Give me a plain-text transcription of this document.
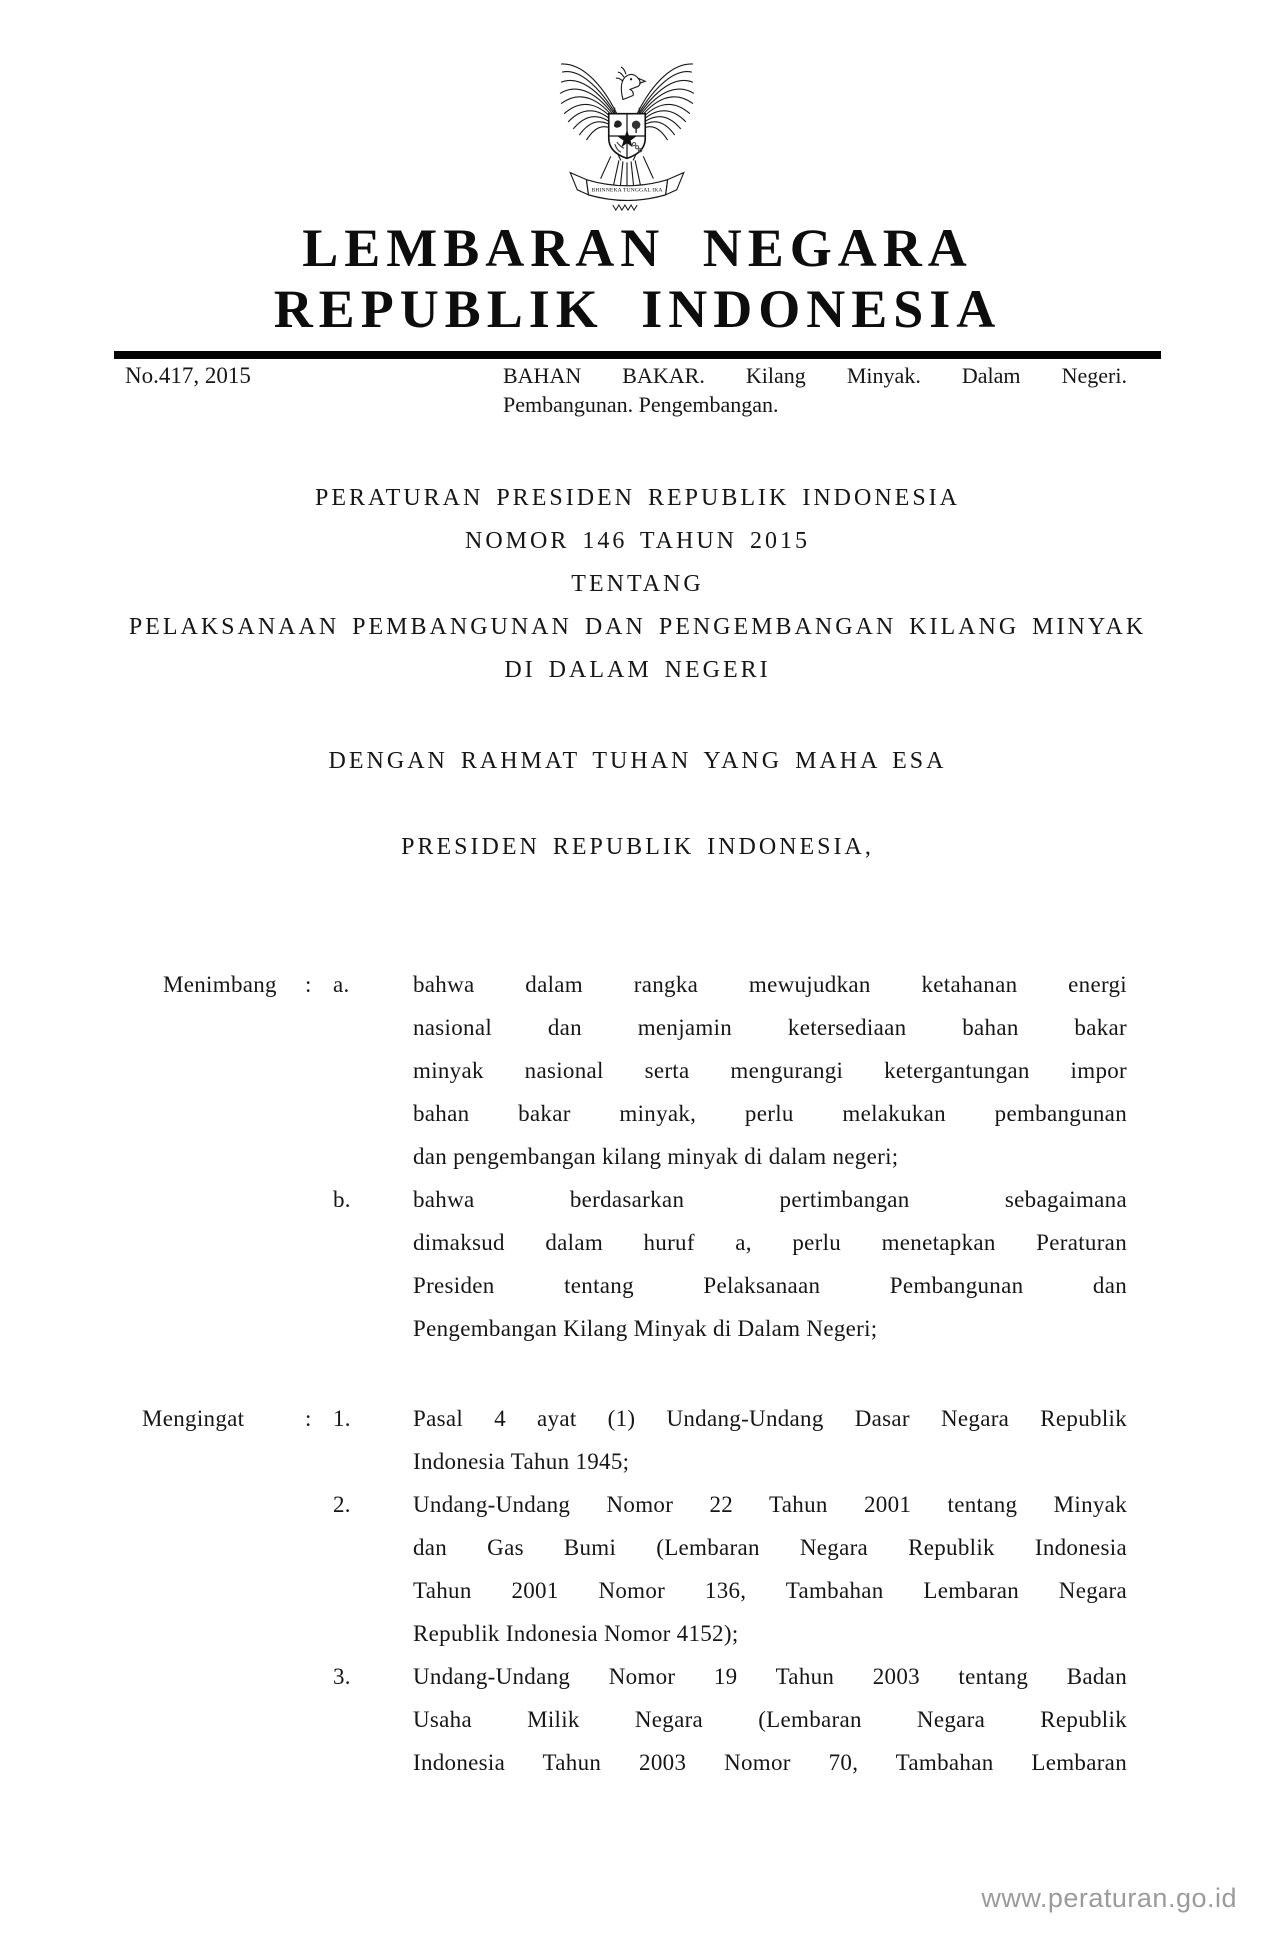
BHINNEKA TUNGGAL IKA
LEMBARAN NEGARA
REPUBLIK INDONESIA
No.417, 2015	BAHAN BAKAR. Kilang Minyak. Dalam Negeri.
Pembangunan. Pengembangan.
PERATURAN PRESIDEN REPUBLIK INDONESIA
NOMOR 146 TAHUN 2015
TENTANG
PELAKSANAAN PEMBANGUNAN DAN PENGEMBANGAN KILANG MINYAK
DI DALAM NEGERI
DENGAN RAHMAT TUHAN YANG MAHA ESA
PRESIDEN REPUBLIK INDONESIA,
Menimbang	: a.	bahwa dalam rangka mewujudkan ketahanan energi
nasional dan menjamin ketersediaan bahan bakar
minyak nasional serta mengurangi ketergantungan impor
bahan bakar minyak, perlu melakukan pembangunan
dan pengembangan kilang minyak di dalam negeri;
b.	bahwa berdasarkan pertimbangan sebagaimana
dimaksud dalam huruf a, perlu menetapkan Peraturan
Presiden tentang Pelaksanaan Pembangunan dan
Pengembangan Kilang Minyak di Dalam Negeri;
Mengingat	: 1.	Pasal 4 ayat (1) Undang-Undang Dasar Negara Republik
Indonesia Tahun 1945;
2.	Undang-Undang Nomor 22 Tahun 2001 tentang Minyak
dan Gas Bumi (Lembaran Negara Republik Indonesia
Tahun 2001 Nomor 136, Tambahan Lembaran Negara
Republik Indonesia Nomor 4152);
3.	Undang-Undang Nomor 19 Tahun 2003 tentang Badan
Usaha Milik Negara (Lembaran Negara Republik
Indonesia Tahun 2003 Nomor 70, Tambahan Lembaran
www.peraturan.go.id
